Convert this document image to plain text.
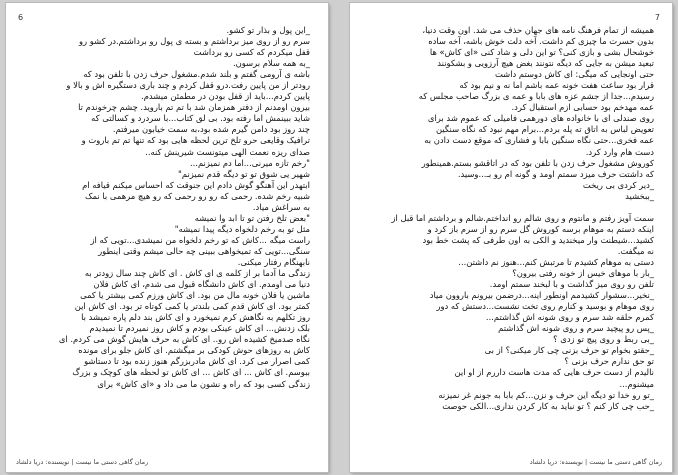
6

_این پول و بذار تو کشو.

سرم رو از روی میز برداشتم و بسته ی پول رو برداشتم.در کشو رو

قفل میکردم که کسی رو برداشت

_به همه سلام برسون.

باشه ی آرومی گفتم و بلند شدم.مشغول حرف زدن با تلفن بود که

رودتر از من پایین رفت.درو قفل کردم و چند باری دستگیره اش و بالا و

پایین کردم...باید از قفل بودن در مطمئن میشدم.

بیرون اومدنم از دفتر همزمان شد با تم تم باروید. چشم چرخوندم تا

شاید ببینمش اما رفته بود. بی لق کتاب...با سردرد و کسالتی که

چند روز بود دامن گیرم شده بود،به سمت خیابون میرفتم.

ترافیک وقایعی حرو تلخ ترین لحظه هایی بود که تنها تم تم باروت و

صدای ریزه نعمت الهی میتونست شیرینش کنه..

"رخم تازه میرنی...اما دم نمیزنم...

شهیر یی شوق تو تو دیگه قدم نمیزنم"

ابتهدر این آهنگو گوش دادم این جنوقت که احساس میکنم قیافه ام

شبیه رخم شده. رحمی که رو رو رحمی که رو هیچ مرهمی با نمک

به سراغش میاد.

"بعض تلخ رفتن تو تا ابد وا نمیشه

مثل تو به رخم دلخواه دیگه پیدا نمیشه"

راست میگه ...کاش که تو رخم دلخواه من نمیشدی...تویی که از

سنگی...تویی که تمیخواهی ببینی چه حالی میشم وقتی اینطور

نابهنگام رفتار میکنی.

زندگی ما آدما بر از کلمه ی ای کاش . ای کاش چند سال زودتر به

دنیا می اومدم. ای کاش دانشگاه قبول می شدم، ای کاش فلان

ماشین یا فلان خونه مال من بود. ای کاش ورزم کمی بیشتر یا کمی

کمتر بود. ای کاش قدم کمی بلندتر یا کمی کوتاه تر بود. ای کاش این

روز تکلهم به نگاهش کرم نمیخورد و ای کاش بند دلم پاره نمیشد با

بلک زدنش... ای کاش عینکی بودم و کاش روز نمیردم تا نمیدیدم

نگاه صدمیخ کشیده اش رو.. ای کاش به حرف هایش گوش می کردم. ای

کاش به روزهای حوش کودکی بر میگشتم. ای کاش جلو برای مونده

کمی اصرار می کرد. ای کاش مادربزرگم هنوز زنده بود تا دستاشو

ببوسم. ای کاش ... ای کاش ... ای کاش تو لحظه های کوچک و بزرگ

زندگی کسی بود که راه و نشون ما می داد و «ای کاش» برای

رمان گاهی دستی ما نیست | نویسنده: دریا دلشاد
7

همیشه از تمام فرهنگ نامه های جهان حذف می شد. اون وقت دنیا،

بدون حسرت ما چیزی کم داشت. آخه دلت خوش باشه، آخه ساده

خوشحال بشی و بازی کنی؟ تو این دلی و شاد کنی «ای کاش» ها

تبعید میشن به جایی که دیگه نتونند بغض هیچ آرزویی و بشکونند

حتی اونجایی که میگی: ای کاش دوستم داشت

قرار بود ساعت هفت خونه عمه باشم اما نه و نیم بود که

رسیدم...جدا از جشم عزه های بابا و عمه ی بزرگ صاحب مجلس که

عمه مهدخم بود حسابی ازم استقبال کرد.

روی صندلی ای با خانواده های دورهمی فامیلی که عموم شد برای

تعویض لباس به اتاق ته پله بردم...برام مهم نبود که نگاه سنگین

عمه فخری...حتی نگاه سنگین بابا و فشاری که موقع دست دادن به

دست هام وارد کرد.

کوروش مشغول حرف زدن با تلفن بود که در اتاقشو بستم.همینطور

که داشتت حرف میزد سمتم اومد و گونه ام رو بـ...وسید.

_دیر کردی بی ریخت

_ببخشید

سمت آویز رفتم و مانتوم و روی شالم رو انداختم.شالم و برداشتم اما قبل از

اینکه دستم به موهام برسه کوروش گل سرم رو از سرم باز کرد و

کشید...شیطنت وار میخندید و الکی به اون طرفی که پشت خط بود

نه میگفت.

دستی به موهام کشیدم تا مرتبش کنم...هنوز نم داشتن...

_بار با موهای خیس از خونه رفتی بیرون؟

تلفن رو روی میز گذاشت و با لبخند سمتم اومد.

_نخیر...سشوار کشیدمم اونطور اینه...درضمن بیرونم باروون میاد

روی موهام و بوسید و کنارم روی تخت نشست...دستش که دور

کمرم حلقه شد سرم و روی شونه اش گذاشتم...

_پس رو پیچید سرم و روی شونه اش گذاشتم

_بی ربط و روی پیچ تو زدی ؟

_حقتو بخوام تو حرف بزنی چی کار میکنی؟ از بی

تو حق ندارم حرف بزنی ؟

نالیدم از دست حرف هایی که مدت هاست داررم از او این

میشنوم...

_تو رو خدا تو دیگه این حرف و نزن...کم بابا به جونم غر نمیزنه

_حب چی کار کنم ؟ تو نباید به کار کردن نداری...الکی حوصت

رمان گاهی دستی ما نیست | نویسنده: دریا دلشاد
